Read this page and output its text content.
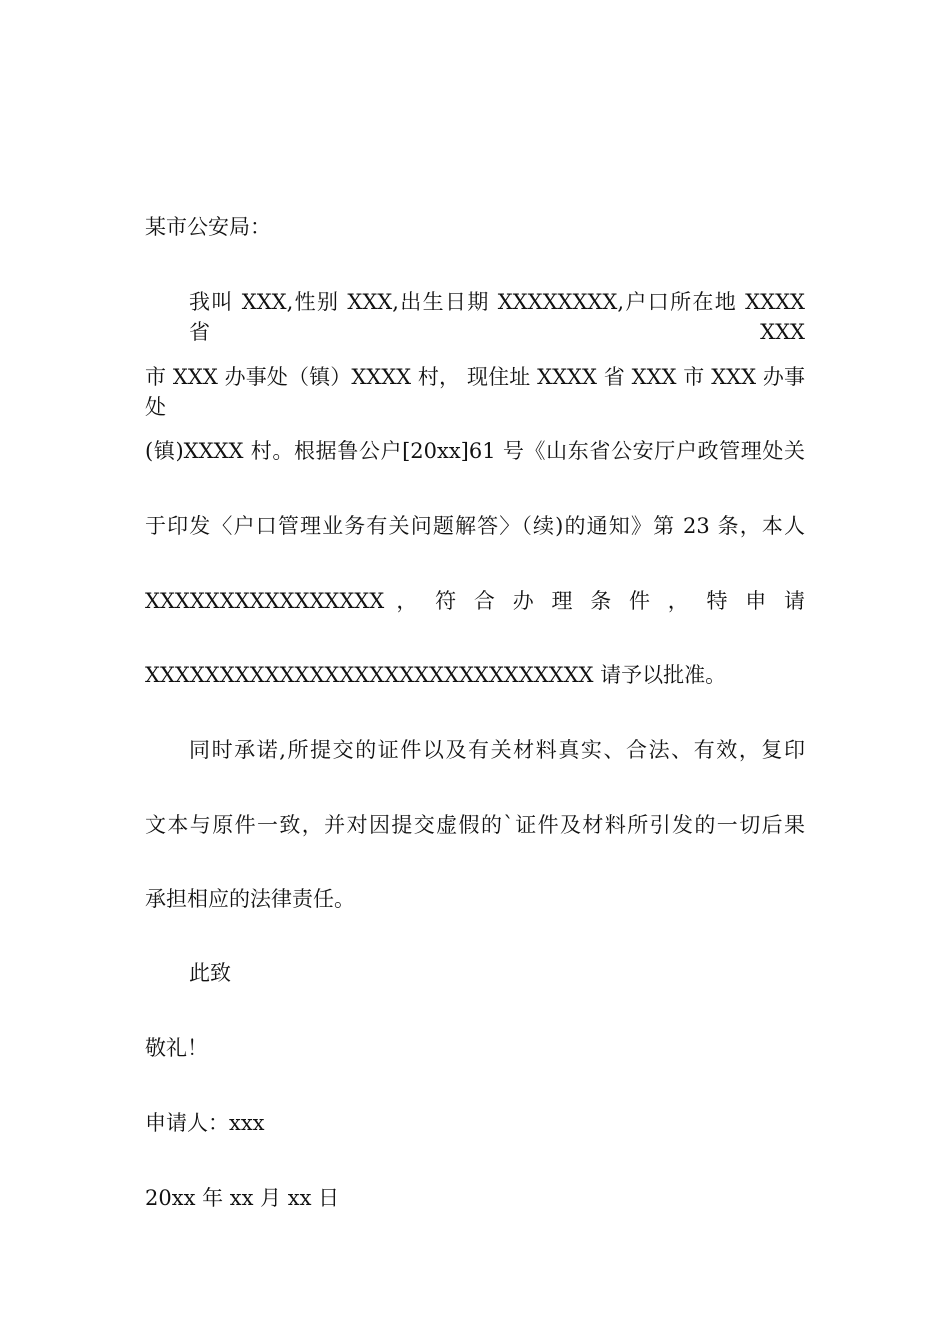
某市公安局：
我叫 XXX,性别 XXX,出生日期 XXXXXXXX,户口所在地 XXXX 省 XXX
市 XXX 办事处（镇）XXXX 村， 现住址 XXXX 省 XXX 市 XXX 办事处
(镇)XXXX 村。根据鲁公户[20xx]61 号《山东省公安厅户政管理处关
于印发〈户口管理业务有关问题解答〉（续)的通知》第 23 条，本人
XXXXXXXXXXXXXXXX ， 符 合 办 理 条 件 ， 特 申 请
XXXXXXXXXXXXXXXXXXXXXXXXXXXXXX 请予以批准。
同时承诺,所提交的证件以及有关材料真实、合法、有效，复印
文本与原件一致，并对因提交虚假的`证件及材料所引发的一切后果
承担相应的法律责任。
此致
敬礼！
申请人：xxx
20xx 年 xx 月 xx 日
